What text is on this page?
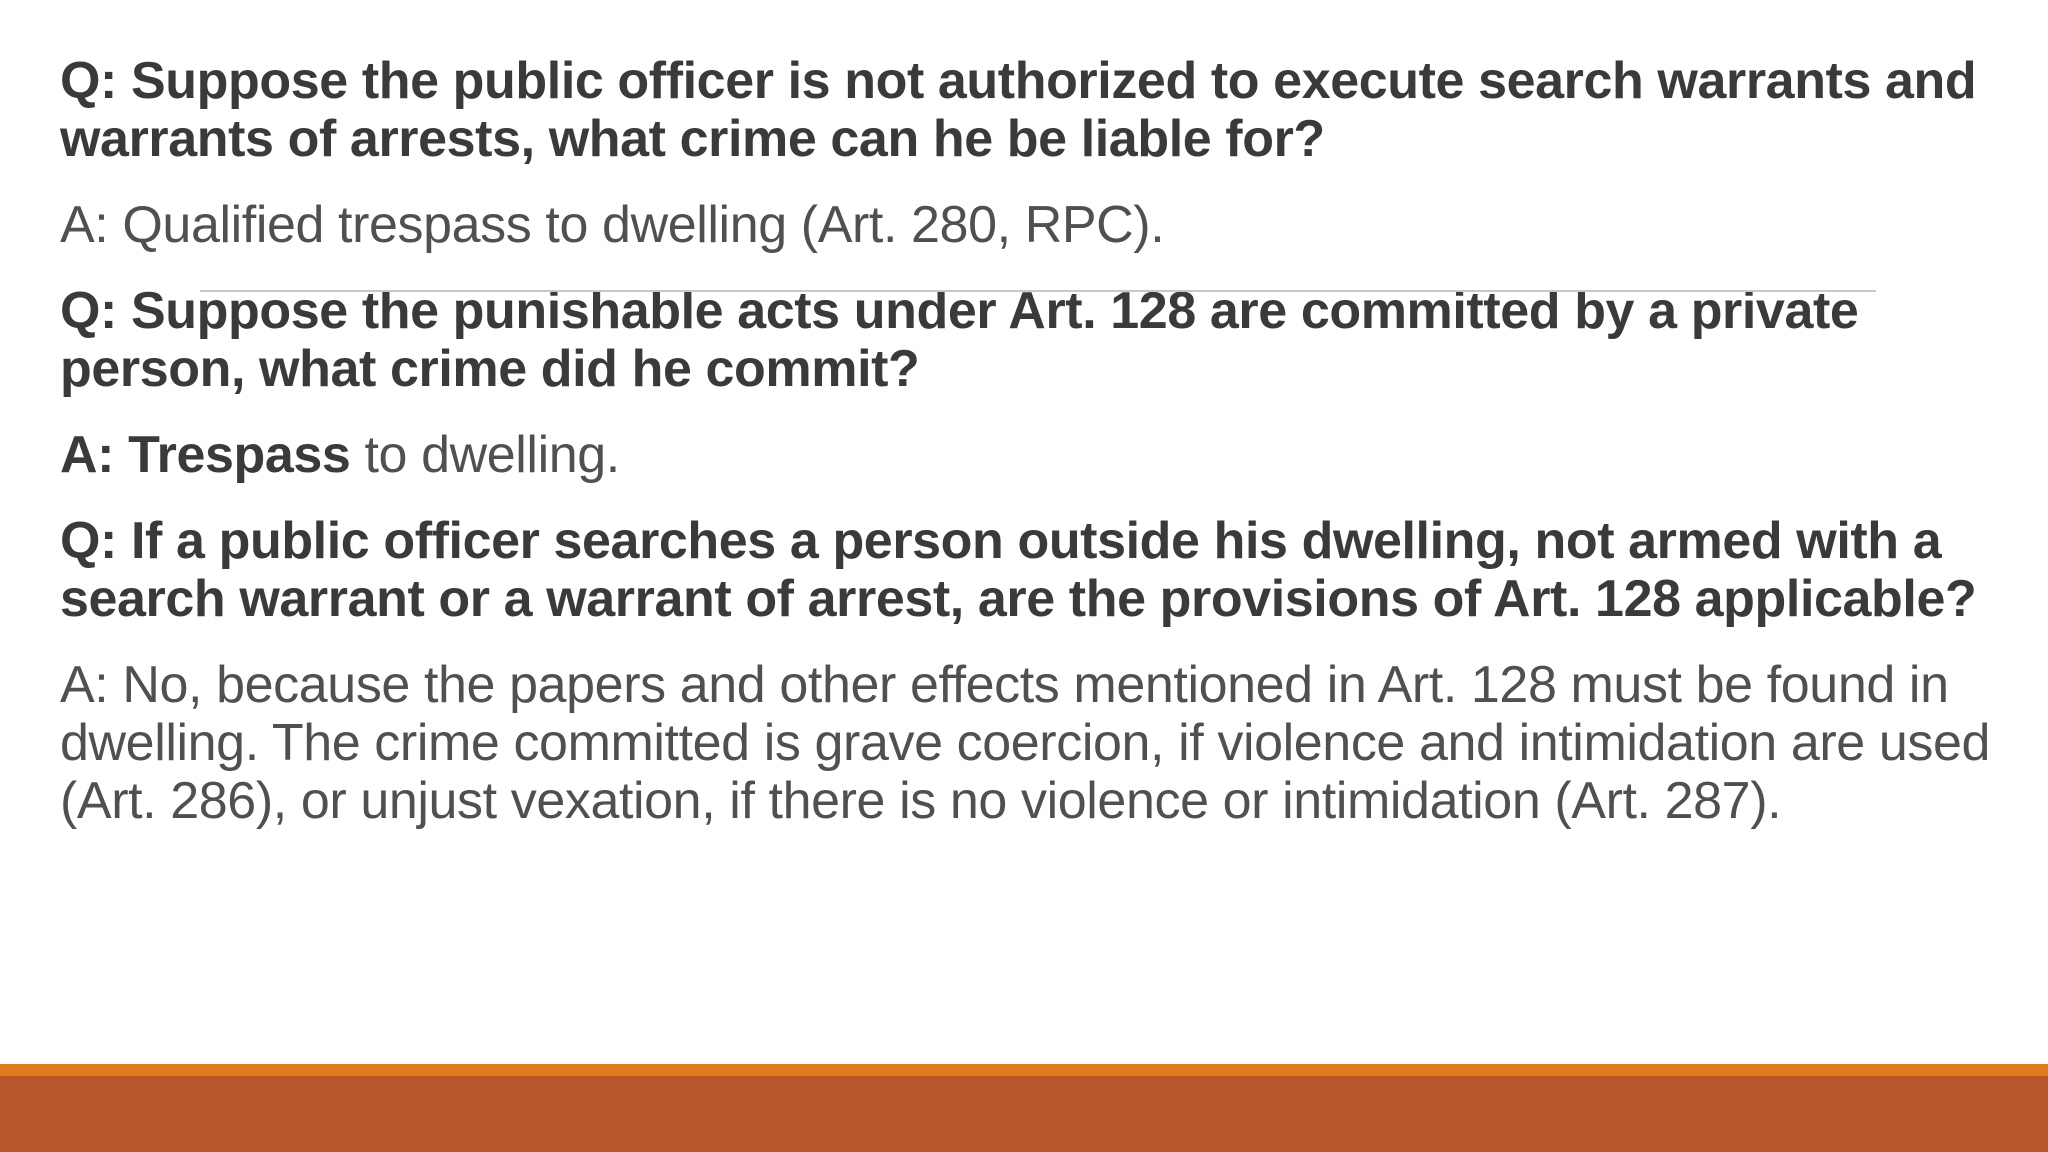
Q: Suppose the public officer is not authorized to execute search warrants and warrants of arrests, what crime can he be liable for?

A: Qualified trespass to dwelling (Art. 280, RPC).

Q: Suppose the punishable acts under Art. 128 are committed by a private person, what crime did he commit?

A: Trespass to dwelling.

Q: If a public officer searches a person outside his dwelling, not armed with a search warrant or a warrant of arrest, are the provisions of Art. 128 applicable?

A: No, because the papers and other effects mentioned in Art. 128 must be found in dwelling. The crime committed is grave coercion, if violence and intimidation are used (Art. 286), or unjust vexation, if there is no violence or intimidation (Art. 287).
